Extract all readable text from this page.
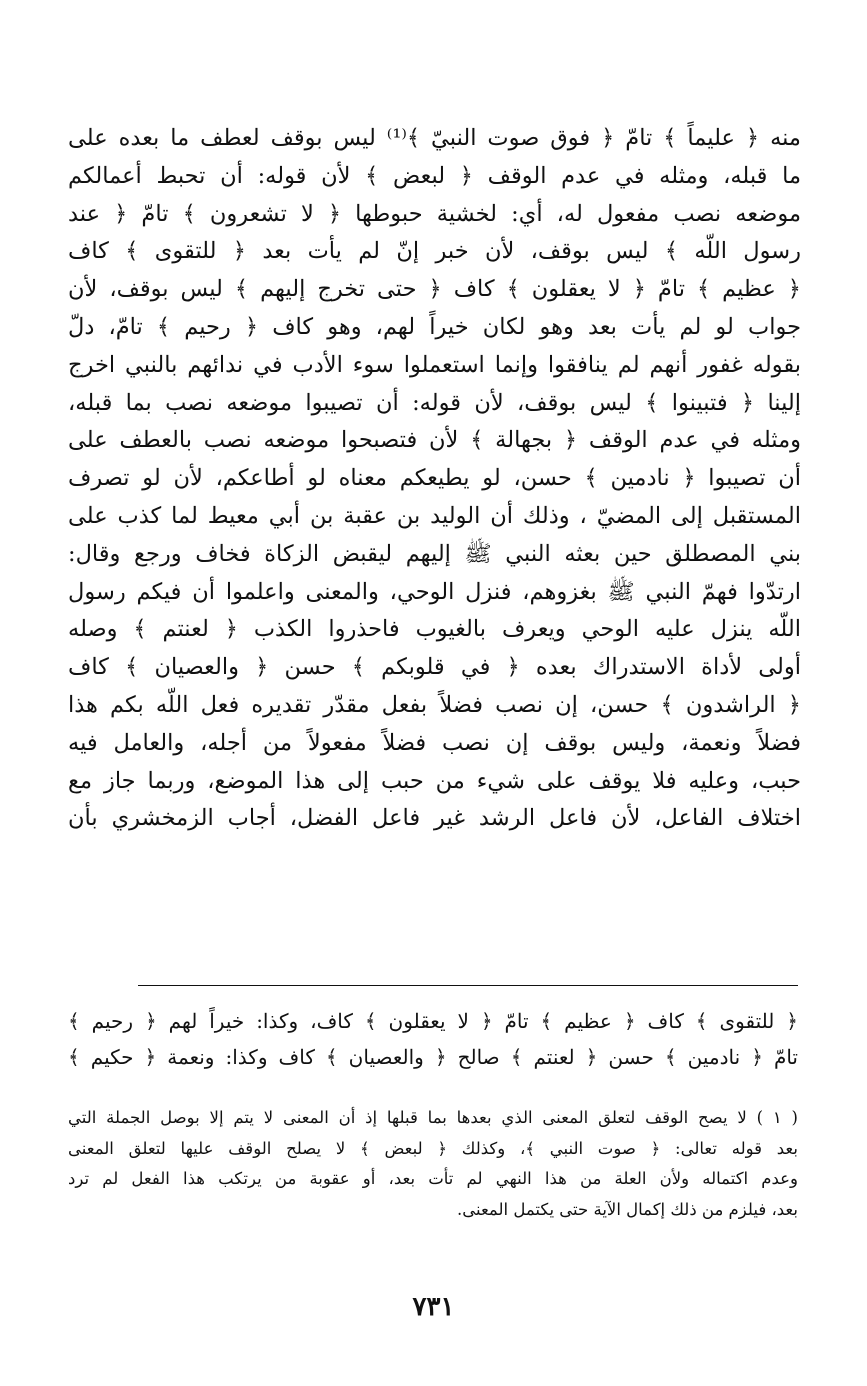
منه ﴿ عليماً ﴾ تامّ ﴿ فوق صوت النبيّ ﴾⁽¹⁾ ليس بوقف لعطف ما بعده على
ما قبله، ومثله في عدم الوقف ﴿ لبعض ﴾ لأن قوله: أن تحبط أعمالكم
موضعه نصب مفعول له، أي: لخشية حبوطها ﴿ لا تشعرون ﴾ تامّ ﴿ عند
رسول اللّه ﴾ ليس بوقف، لأن خبر إنّ لم يأت بعد ﴿ للتقوى ﴾ كاف
﴿ عظيم ﴾ تامّ ﴿ لا يعقلون ﴾ كاف ﴿ حتى تخرج إليهم ﴾ ليس بوقف، لأن
جواب لو لم يأت بعد وهو لكان خيراً لهم، وهو كاف ﴿ رحيم ﴾ تامّ، دلّ
بقوله غفور أنهم لم ينافقوا وإنما استعملوا سوء الأدب في ندائهم بالنبي اخرج
إلينا ﴿ فتبينوا ﴾ ليس بوقف، لأن قوله: أن تصيبوا موضعه نصب بما قبله،
ومثله في عدم الوقف ﴿ بجهالة ﴾ لأن فتصبحوا موضعه نصب بالعطف على
أن تصيبوا ﴿ نادمين ﴾ حسن، لو يطيعكم معناه لو أطاعكم، لأن لو تصرف
المستقبل إلى المضيّ ، وذلك أن الوليد بن عقبة بن أبي معيط لما كذب على
بني المصطلق حين بعثه النبي ﷺ إليهم ليقبض الزكاة فخاف ورجع وقال:
ارتدّوا فهمّ النبي ﷺ بغزوهم، فنزل الوحي، والمعنى واعلموا أن فيكم رسول
اللّه ينزل عليه الوحي ويعرف بالغيوب فاحذروا الكذب ﴿ لعنتم ﴾ وصله
أولى لأداة الاستدراك بعده ﴿ في قلوبكم ﴾ حسن ﴿ والعصيان ﴾ كاف
﴿ الراشدون ﴾ حسن، إن نصب فضلاً بفعل مقدّر تقديره فعل اللّه بكم هذا
فضلاً ونعمة، وليس بوقف إن نصب فضلاً مفعولاً من أجله، والعامل فيه
حبب، وعليه فلا يوقف على شيء من حبب إلى هذا الموضع، وربما جاز مع
اختلاف الفاعل، لأن فاعل الرشد غير فاعل الفضل، أجاب الزمخشري بأن
﴿ للتقوى ﴾ كاف ﴿ عظيم ﴾ تامّ ﴿ لا يعقلون ﴾ كاف، وكذا: خيراً لهم ﴿ رحيم ﴾
تامّ ﴿ نادمين ﴾ حسن ﴿ لعنتم ﴾ صالح ﴿ والعصيان ﴾ كاف وكذا: ونعمة ﴿ حكيم ﴾
( ١ ) لا يصح الوقف لتعلق المعنى الذي بعدها بما قبلها إذ أن المعنى لا يتم إلا بوصل الجملة التي
بعد قوله تعالى: ﴿ صوت النبي ﴾، وكذلك ﴿ لبعض ﴾ لا يصلح الوقف عليها لتعلق المعنى
وعدم اكتماله ولأن العلة من هذا النهي لم تأت بعد، أو عقوبة من يرتكب هذا الفعل لم ترد
بعد، فيلزم من ذلك إكمال الآية حتى يكتمل المعنى.
٧٣١
